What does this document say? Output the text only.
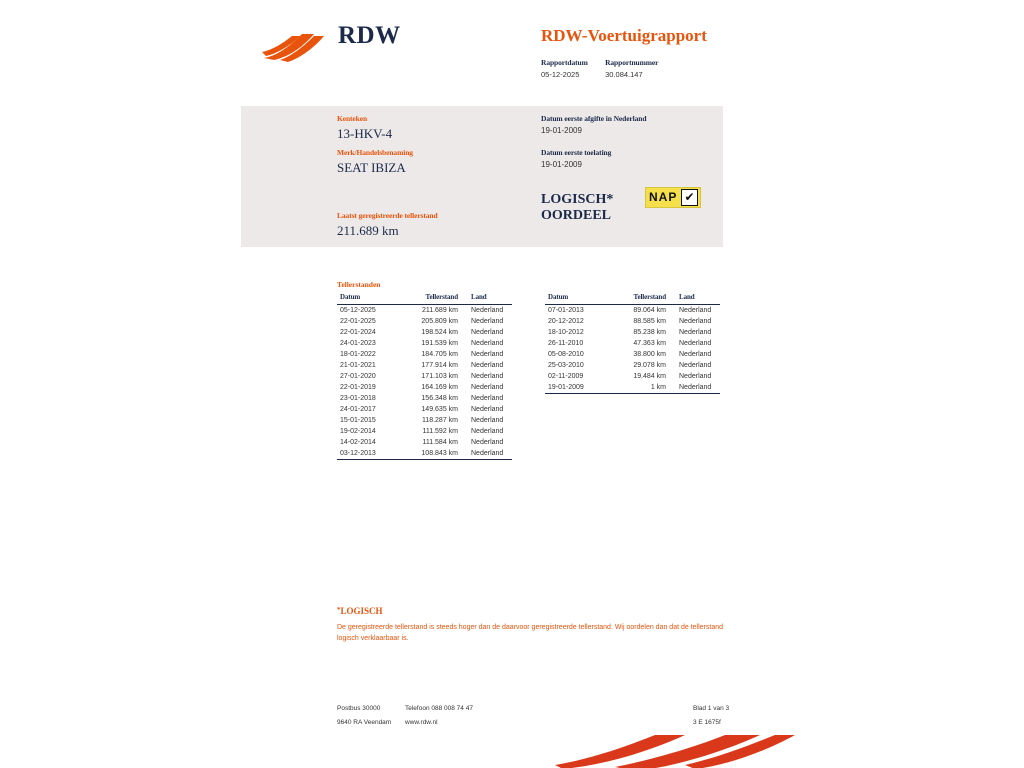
RDW	RDW-Voertuigrapport
Rapportdatum
05-12-2025

Rapportnummer
30.084.147
Kenteken
13-HKV-4
Merk/Handelsbenaming
SEAT IBIZA
Laatst geregistreerde tellerstand
211.689 km
Datum eerste afgifte in Nederland
19-01-2009
Datum eerste toelating
19-01-2009
LOGISCH*
OORDEEL
NAP ✔
Tellerstanden
Datum	Tellerstand	Land
05-12-2025	211.689 km	Nederland
22-01-2025	205.809 km	Nederland
22-01-2024	198.524 km	Nederland
24-01-2023	191.539 km	Nederland
18-01-2022	184.705 km	Nederland
21-01-2021	177.914 km	Nederland
27-01-2020	171.103 km	Nederland
22-01-2019	164.169 km	Nederland
23-01-2018	156.348 km	Nederland
24-01-2017	149.635 km	Nederland
15-01-2015	118.287 km	Nederland
19-02-2014	111.592 km	Nederland
14-02-2014	111.584 km	Nederland
03-12-2013	108.843 km	Nederland
Datum	Tellerstand	Land
07-01-2013	89.064 km	Nederland
20-12-2012	88.585 km	Nederland
18-10-2012	85.238 km	Nederland
26-11-2010	47.363 km	Nederland
05-08-2010	38.800 km	Nederland
25-03-2010	29.078 km	Nederland
02-11-2009	19.484 km	Nederland
19-01-2009	1 km	Nederland
*LOGISCH
De geregistreerde tellerstand is steeds hoger dan de daarvoor geregistreerde tellerstand. Wij oordelen dan dat de tellerstand logisch verklaarbaar is.
Postbus 30000
9640 RA Veendam
Telefoon 088 008 74 47
www.rdw.nl
Blad 1 van 3
3 E 1675f
